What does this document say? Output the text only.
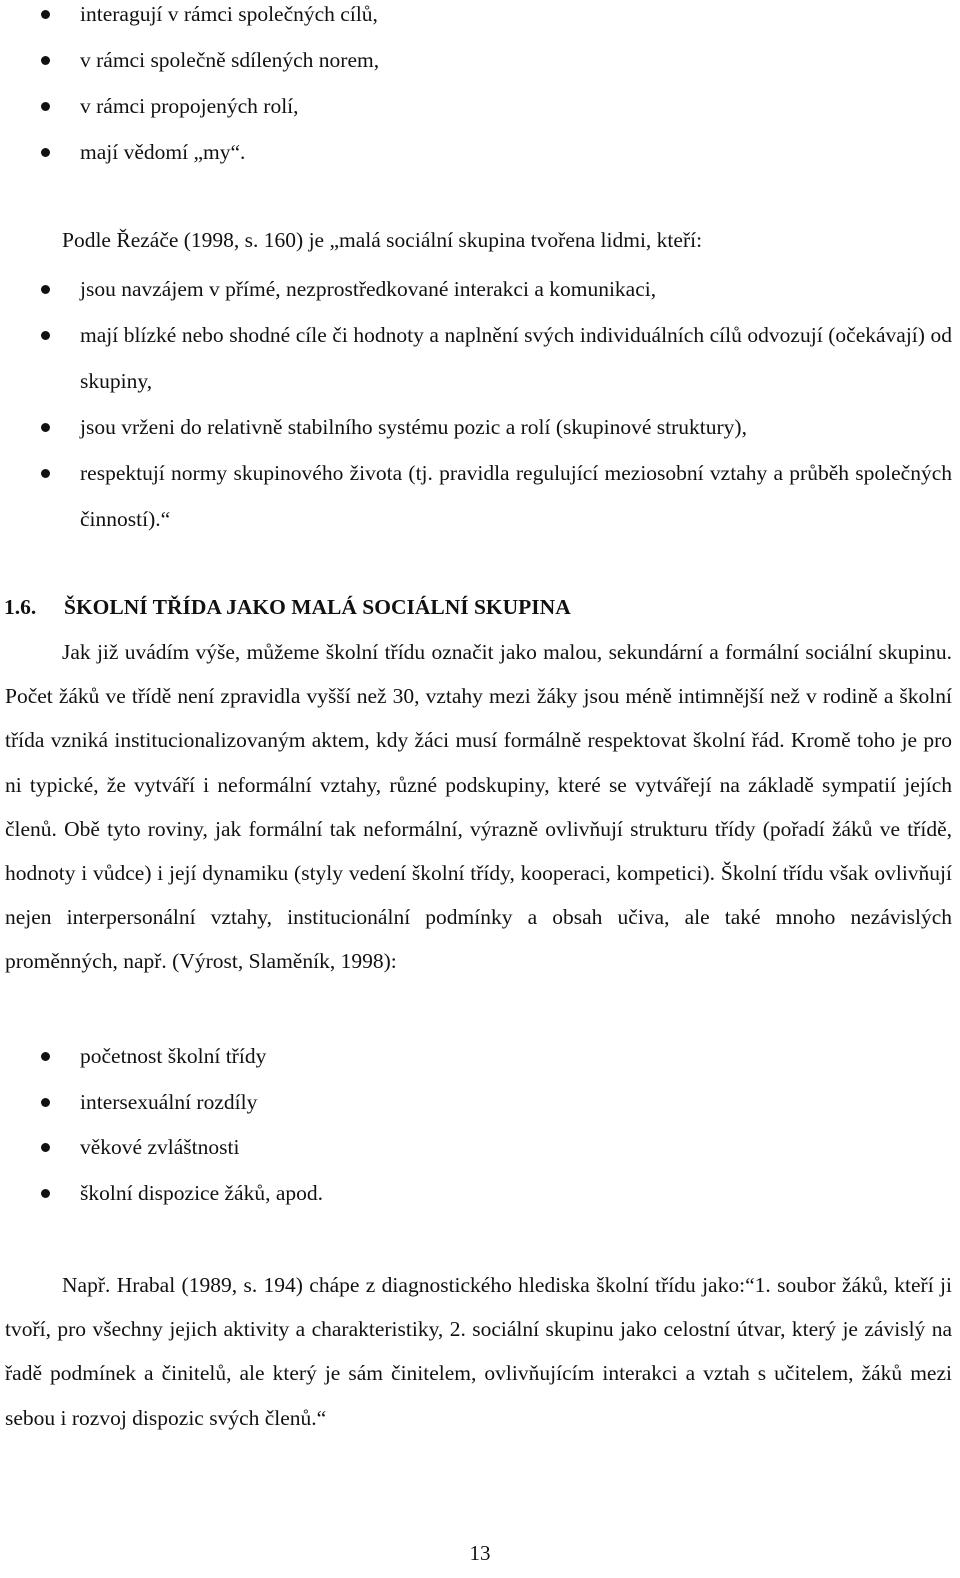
interagují v rámci společných cílů,
v rámci společně sdílených norem,
v rámci propojených rolí,
mají vědomí „my“.

Podle Řezáče (1998, s. 160) je „malá sociální skupina tvořena lidmi, kteří:

jsou navzájem v přímé, nezprostředkované interakci a komunikaci,
mají blízké nebo shodné cíle či hodnoty a naplnění svých individuálních cílů odvozují (očekávají) od skupiny,
jsou vrženi do relativně stabilního systému pozic a rolí (skupinové struktury),
respektují normy skupinového života (tj. pravidla regulující meziosobní vztahy a průběh společných činností).“
1.6. ŠKOLNÍ TŘÍDA JAKO MALÁ SOCIÁLNÍ SKUPINA

Jak již uvádím výše, můžeme školní třídu označit jako malou, sekundární a formální sociální skupinu. Počet žáků ve třídě není zpravidla vyšší než 30, vztahy mezi žáky jsou méně intimnější než v rodině a školní třída vzniká institucionalizovaným aktem, kdy žáci musí formálně respektovat školní řád. Kromě toho je pro ni typické, že vytváří i neformální vztahy, různé podskupiny, které se vytvářejí na základě sympatií jejích členů. Obě tyto roviny, jak formální tak neformální, výrazně ovlivňují strukturu třídy (pořadí žáků ve třídě, hodnoty i vůdce) i její dynamiku (styly vedení školní třídy, kooperaci, kompetici). Školní třídu však ovlivňují nejen interpersonální vztahy, institucionální podmínky a obsah učiva, ale také mnoho nezávislých proměnných, např. (Výrost, Slaměník, 1998):

početnost školní třídy
intersexuální rozdíly
věkové zvláštnosti
školní dispozice žáků, apod.

Např. Hrabal (1989, s. 194) chápe z diagnostického hlediska školní třídu jako:“1. soubor žáků, kteří ji tvoří, pro všechny jejich aktivity a charakteristiky, 2. sociální skupinu jako celostní útvar, který je závislý na řadě podmínek a činitelů, ale který je sám činitelem, ovlivňujícím interakci a vztah s učitelem, žáků mezi sebou i rozvoj dispozic svých členů.“

13
